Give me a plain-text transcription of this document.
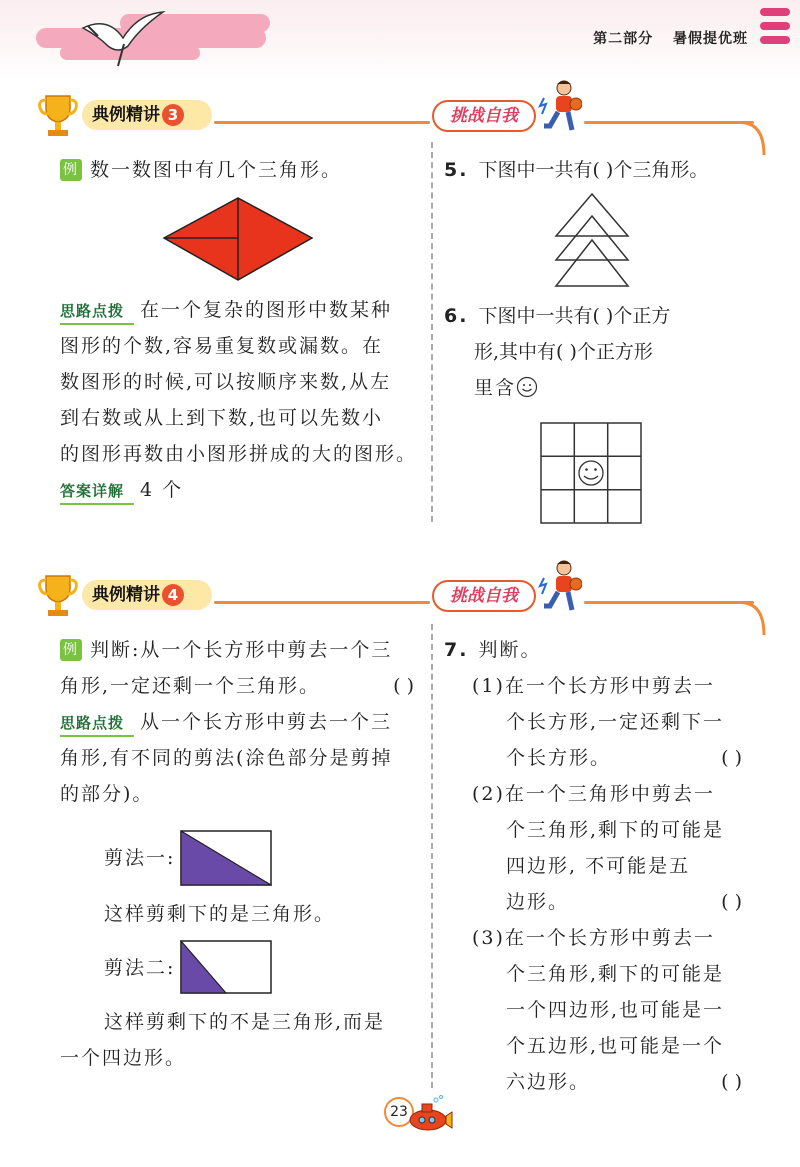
第二部分 暑假提优班
典例精讲 3	挑战自我
例 数一数图中有几个三角形。
思路点拨 在一个复杂的图形中数某种
图形的个数,容易重复数或漏数。在
数图形的时候,可以按顺序来数,从左
到右数或从上到下数,也可以先数小
的图形再数由小图形拼成的大的图形。
答案详解 4 个
5. 下图中一共有( )个三角形。
6. 下图中一共有( )个正方
形,其中有( )个正方形
里含
典例精讲 4	挑战自我
例 判断:从一个长方形中剪去一个三
角形,一定还剩一个三角形。	( )
思路点拨 从一个长方形中剪去一个三
角形,有不同的剪法(涂色部分是剪掉
的部分)。
剪法一:
这样剪剩下的是三角形。
剪法二:
这样剪剩下的不是三角形,而是
一个四边形。
7. 判断。
(1)在一个长方形中剪去一
个长方形,一定还剩下一
个长方形。	( )
(2)在一个三角形中剪去一
个三角形,剩下的可能是
四边形, 不可能是五
边形。	( )
(3)在一个长方形中剪去一
个三角形,剩下的可能是
一个四边形,也可能是一
个五边形,也可能是一个
六边形。	( )
23
